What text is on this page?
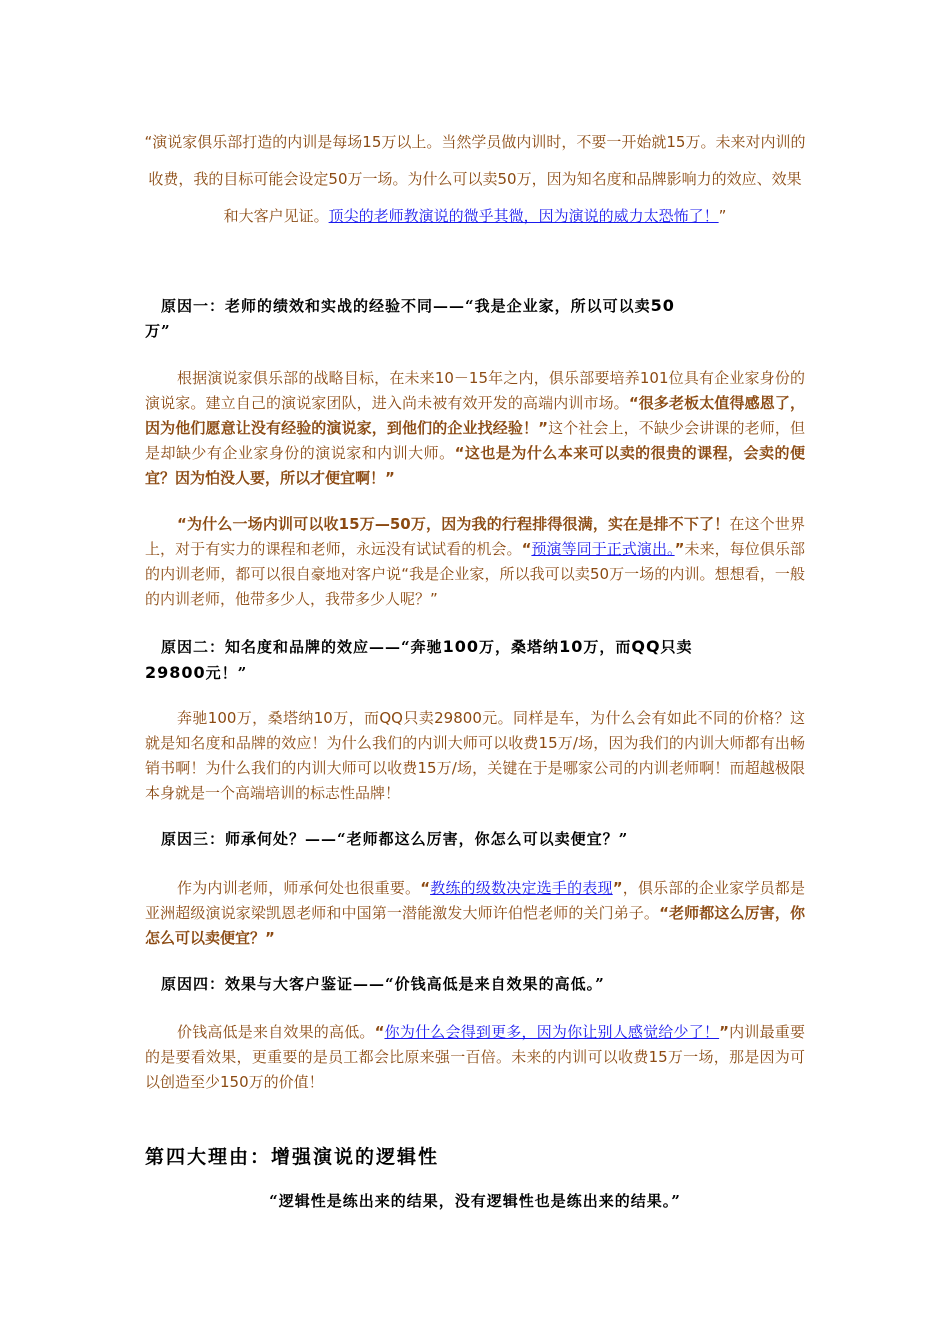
“演说家俱乐部打造的内训是每场15万以上。当然学员做内训时，不要一开始就15万。未来对内训的收费，我的目标可能会设定50万一场。为什么可以卖50万，因为知名度和品牌影响力的效应、效果和大客户见证。顶尖的老师教演说的微乎其微，因为演说的威力太恐怖了！”
原因一：老师的绩效和实战的经验不同——“我是企业家，所以可以卖50
万”
根据演说家俱乐部的战略目标，在未来10－15年之内，俱乐部要培养101位具有企业家身份的演说家。建立自己的演说家团队，进入尚未被有效开发的高端内训市场。“很多老板太值得感恩了，因为他们愿意让没有经验的演说家，到他们的企业找经验！”这个社会上，不缺少会讲课的老师，但是却缺少有企业家身份的演说家和内训大师。“这也是为什么本来可以卖的很贵的课程，会卖的便宜？因为怕没人要，所以才便宜啊！”
“为什么一场内训可以收15万—50万，因为我的行程排得很满，实在是排不下了！在这个世界上，对于有实力的课程和老师，永远没有试试看的机会。“预演等同于正式演出。”未来，每位俱乐部的内训老师，都可以很自豪地对客户说“我是企业家，所以我可以卖50万一场的内训。想想看，一般的内训老师，他带多少人，我带多少人呢？”
原因二：知名度和品牌的效应——“奔驰100万，桑塔纳10万，而QQ只卖
29800元！”
奔驰100万，桑塔纳10万，而QQ只卖29800元。同样是车，为什么会有如此不同的价格？这就是知名度和品牌的效应！为什么我们的内训大师可以收费15万/场，因为我们的内训大师都有出畅销书啊！为什么我们的内训大师可以收费15万/场，关键在于是哪家公司的内训老师啊！而超越极限本身就是一个高端培训的标志性品牌！
原因三：师承何处？——“老师都这么厉害，你怎么可以卖便宜？”
作为内训老师，师承何处也很重要。“教练的级数决定选手的表现”，俱乐部的企业家学员都是亚洲超级演说家梁凯恩老师和中国第一潜能激发大师许伯恺老师的关门弟子。“老师都这么厉害，你怎么可以卖便宜？”
原因四：效果与大客户鉴证——“价钱高低是来自效果的高低。”
价钱高低是来自效果的高低。“你为什么会得到更多，因为你让别人感觉给少了！”内训最重要的是要看效果，更重要的是员工都会比原来强一百倍。未来的内训可以收费15万一场，那是因为可以创造至少150万的价值！
第四大理由：增强演说的逻辑性
“逻辑性是练出来的结果，没有逻辑性也是练出来的结果。”
